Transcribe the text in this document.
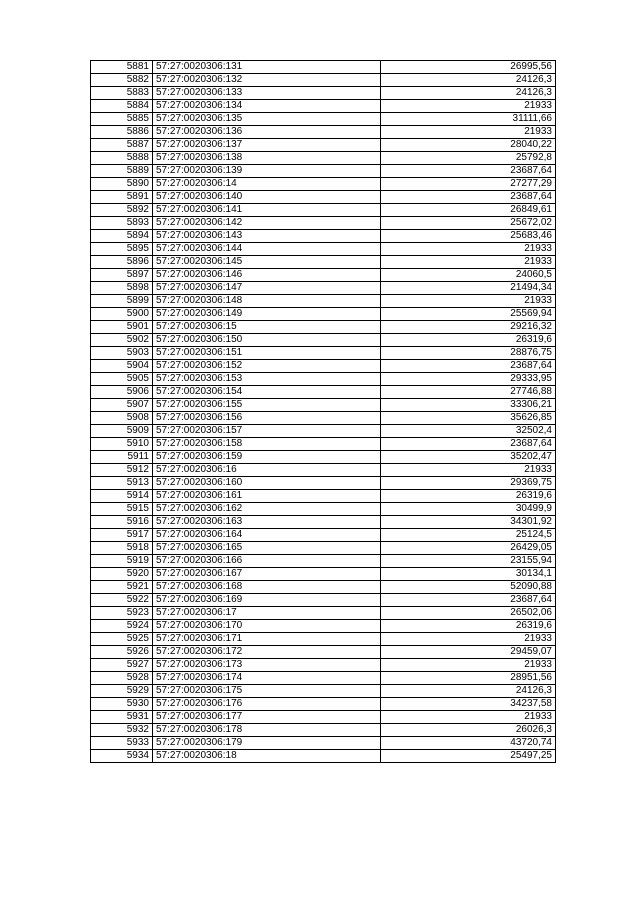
5881	57:27:0020306:131	26995,56
5882	57:27:0020306:132	24126,3
5883	57:27:0020306:133	24126,3
5884	57:27:0020306:134	21933
5885	57:27:0020306:135	31111,66
5886	57:27:0020306:136	21933
5887	57:27:0020306:137	28040,22
5888	57:27:0020306:138	25792,8
5889	57:27:0020306:139	23687,64
5890	57:27:0020306:14	27277,29
5891	57:27:0020306:140	23687,64
5892	57:27:0020306:141	26849,61
5893	57:27:0020306:142	25672,02
5894	57:27:0020306:143	25683,46
5895	57:27:0020306:144	21933
5896	57:27:0020306:145	21933
5897	57:27:0020306:146	24060,5
5898	57:27:0020306:147	21494,34
5899	57:27:0020306:148	21933
5900	57:27:0020306:149	25569,94
5901	57:27:0020306:15	29216,32
5902	57:27:0020306:150	26319,6
5903	57:27:0020306:151	28876,75
5904	57:27:0020306:152	23687,64
5905	57:27:0020306:153	29333,95
5906	57:27:0020306:154	27746,88
5907	57:27:0020306:155	33306,21
5908	57:27:0020306:156	35626,85
5909	57:27:0020306:157	32502,4
5910	57:27:0020306:158	23687,64
5911	57:27:0020306:159	35202,47
5912	57:27:0020306:16	21933
5913	57:27:0020306:160	29369,75
5914	57:27:0020306:161	26319,6
5915	57:27:0020306:162	30499,9
5916	57:27:0020306:163	34301,92
5917	57:27:0020306:164	25124,5
5918	57:27:0020306:165	26429,05
5919	57:27:0020306:166	23155,94
5920	57:27:0020306:167	30134,1
5921	57:27:0020306:168	52090,88
5922	57:27:0020306:169	23687,64
5923	57:27:0020306:17	26502,06
5924	57:27:0020306:170	26319,6
5925	57:27:0020306:171	21933
5926	57:27:0020306:172	29459,07
5927	57:27:0020306:173	21933
5928	57:27:0020306:174	28951,56
5929	57:27:0020306:175	24126,3
5930	57:27:0020306:176	34237,58
5931	57:27:0020306:177	21933
5932	57:27:0020306:178	26026,3
5933	57:27:0020306:179	43720,74
5934	57:27:0020306:18	25497,25
